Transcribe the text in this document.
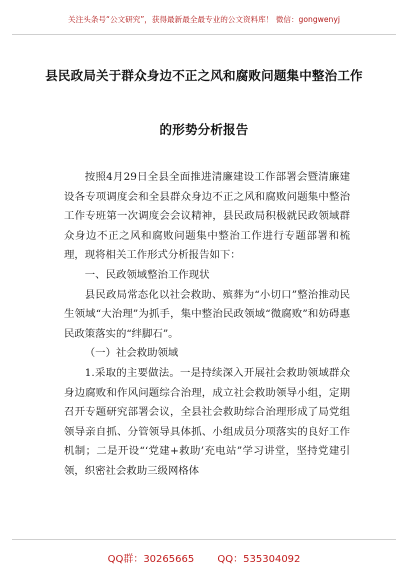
关注头条号“公文研究”，获得最新最全最专业的公文资料库！ 微信：gongwenyj
县民政局关于群众身边不正之风和腐败问题集中整治工作
的形势分析报告

按照4月29日全县全面推进清廉建设工作部署会暨清廉建设各专项调度会和全县群众身边不正之风和腐败问题集中整治工作专班第一次调度会会议精神，县民政局积极就民政领域群众身边不正之风和腐败问题集中整治工作进行专题部署和梳理，现将相关工作形式分析报告如下：

一、民政领域整治工作现状

县民政局常态化以社会救助、殡葬为“小切口”整治推动民生领域“大治理”为抓手，集中整治民政领域“微腐败”和妨碍惠民政策落实的“绊脚石”。

（一）社会救助领域

1.采取的主要做法。一是持续深入开展社会救助领域群众身边腐败和作风问题综合治理，成立社会救助领导小组，定期召开专题研究部署会议，全县社会救助综合治理形成了局党组领导亲自抓、分管领导具体抓、小组成员分项落实的良好工作机制；二是开设“‘党建+救助’充电站”学习讲堂，坚持党建引领，织密社会救助三级网格体

QQ群：30265665 QQ：535304092
